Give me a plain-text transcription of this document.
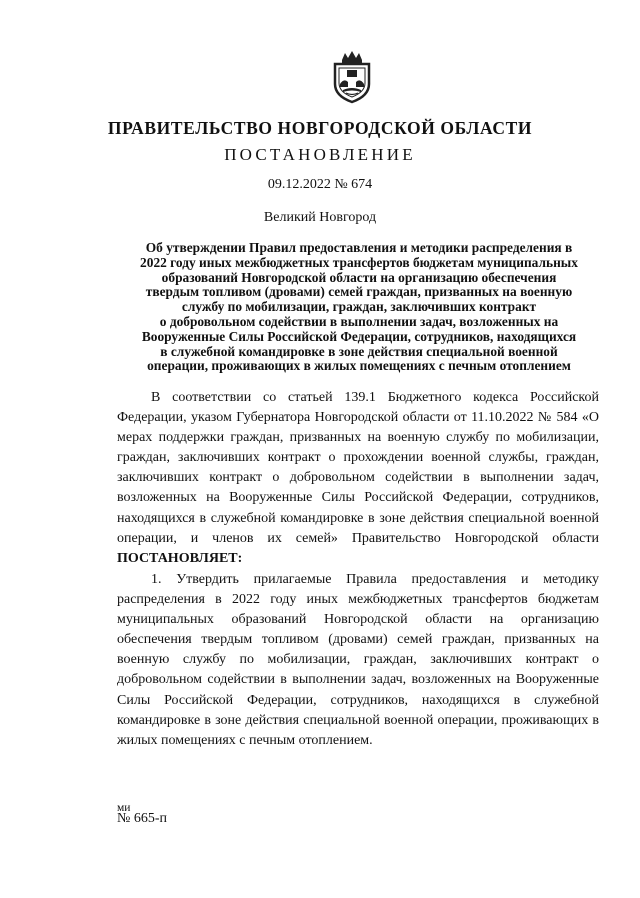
ПРАВИТЕЛЬСТВО НОВГОРОДСКОЙ ОБЛАСТИ
ПОСТАНОВЛЕНИЕ
09.12.2022 № 674
Великий Новгород
Об утверждении Правил предоставления и методики распределения в
2022 году иных межбюджетных трансфертов бюджетам муниципальных
образований Новгородской области на организацию обеспечения
твердым топливом (дровами) семей граждан, призванных на военную
службу по мобилизации, граждан, заключивших контракт
о добровольном содействии в выполнении задач, возложенных на
Вооруженные Силы Российской Федерации, сотрудников, находящихся
в служебной командировке в зоне действия специальной военной
операции, проживающих в жилых помещениях с печным отоплением
В соответствии со статьей 139.1 Бюджетного кодекса Российской Федерации, указом Губернатора Новгородской области от 11.10.2022 № 584 «О мерах поддержки граждан, призванных на военную службу по мобилизации, граждан, заключивших контракт о прохождении военной службы, граждан, заключивших контракт о добровольном содействии в выполнении задач, возложенных на Вооруженные Силы Российской Федерации, сотрудников, находящихся в служебной командировке в зоне действия специальной военной операции, и членов их семей» Правительство Новгородской области ПОСТАНОВЛЯЕТ:
1. Утвердить прилагаемые Правила предоставления и методику распределения в 2022 году иных межбюджетных трансфертов бюджетам муниципальных образований Новгородской области на организацию обеспечения твердым топливом (дровами) семей граждан, призванных на военную службу по мобилизации, граждан, заключивших контракт о добровольном содействии в выполнении задач, возложенных на Вооруженные Силы Российской Федерации, сотрудников, находящихся в служебной командировке в зоне действия специальной военной операции, проживающих в жилых помещениях с печным отоплением.
ми
№ 665-п
